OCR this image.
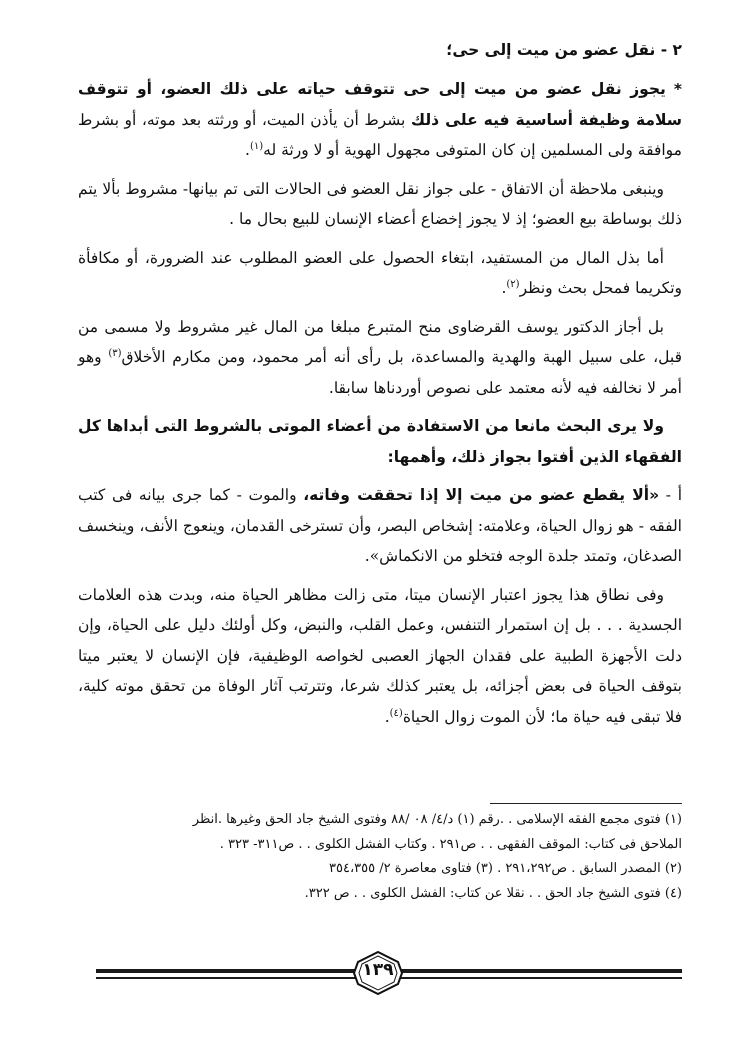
٢ - نقل عضو من ميت إلى حى؛

* يجوز نقل عضو من ميت إلى حى تتوقف حياته على ذلك العضو، أو تتوقف سلامة وظيفة أساسية فيه على ذلك بشرط أن يأذن الميت، أو ورثته بعد موته، أو بشرط موافقة ولى المسلمين إن كان المتوفى مجهول الهوية أو لا ورثة له$^{(١)}$.

وينبغى ملاحظة أن الاتفاق - على جواز نقل العضو فى الحالات التى تم بيانها- مشروط بألا يتم ذلك بوساطة بيع العضو؛ إذ لا يجوز إخضاع أعضاء الإنسان للبيع بحال ما .

أما بذل المال من المستفيد، ابتغاء الحصول على العضو المطلوب عند الضرورة، أو مكافأة وتكريما فمحل بحث ونظر$^{(٢)}$.

بل أجاز الدكتور يوسف القرضاوى منح المتبرع مبلغا من المال غير مشروط ولا مسمى من قبل، على سبيل الهبة والهدية والمساعدة، بل رأى أنه أمر محمود، ومن مكارم الأخلاق$^{(٣)}$ وهو أمر لا نخالفه فيه لأنه معتمد على نصوص أوردناها سابقا.

ولا يرى البحث مانعا من الاستفادة من أعضاء الموتى بالشروط التى أبداها كل الفقهاء الذين أفتوا بجواز ذلك، وأهمها:

أ - «ألا يقطع عضو من ميت إلا إذا تحققت وفاته، والموت - كما جرى بيانه فى كتب الفقه - هو زوال الحياة، وعلامته: إشخاص البصر، وأن تسترخى القدمان، وينعوج الأنف، وينخسف الصدغان، وتمتد جلدة الوجه فتخلو من الانكماش».

وفى نطاق هذا يجوز اعتبار الإنسان ميتا، متى زالت مظاهر الحياة منه، وبدت هذه العلامات الجسدية . . . بل إن استمرار التنفس، وعمل القلب، والنبض، وكل أولئك دليل على الحياة، وإن دلت الأجهزة الطبية على فقدان الجهاز العصبى لخواصه الوظيفية، فإن الإنسان لا يعتبر ميتا بتوقف الحياة فى بعض أجزائه، بل يعتبر كذلك شرعا، وتترتب آثار الوفاة من تحقق موته كلية، فلا تبقى فيه حياة ما؛ لأن الموت زوال الحياة$^{(٤)}$.

(١) فتوى مجمع الفقه الإسلامى . .رقم (١) د/٤/ ٠٨ /٨٨ وفتوى الشيخ جاد الحق وغيرها .انظر
الملاحق فى كتاب: الموقف الفقهى . . ص٢٩١ . وكتاب الفشل الكلوى . . ص٣١١- ٣٢٣ .
(٢) المصدر السابق . ص٢٩١،٢٩٢ . (٣) فتاوى معاصرة ٢/ ٣٥٤،٣٥٥
(٤) فتوى الشيخ جاد الحق . . نقلا عن كتاب: الفشل الكلوى . . ص ٣٢٢.
١٣٩
